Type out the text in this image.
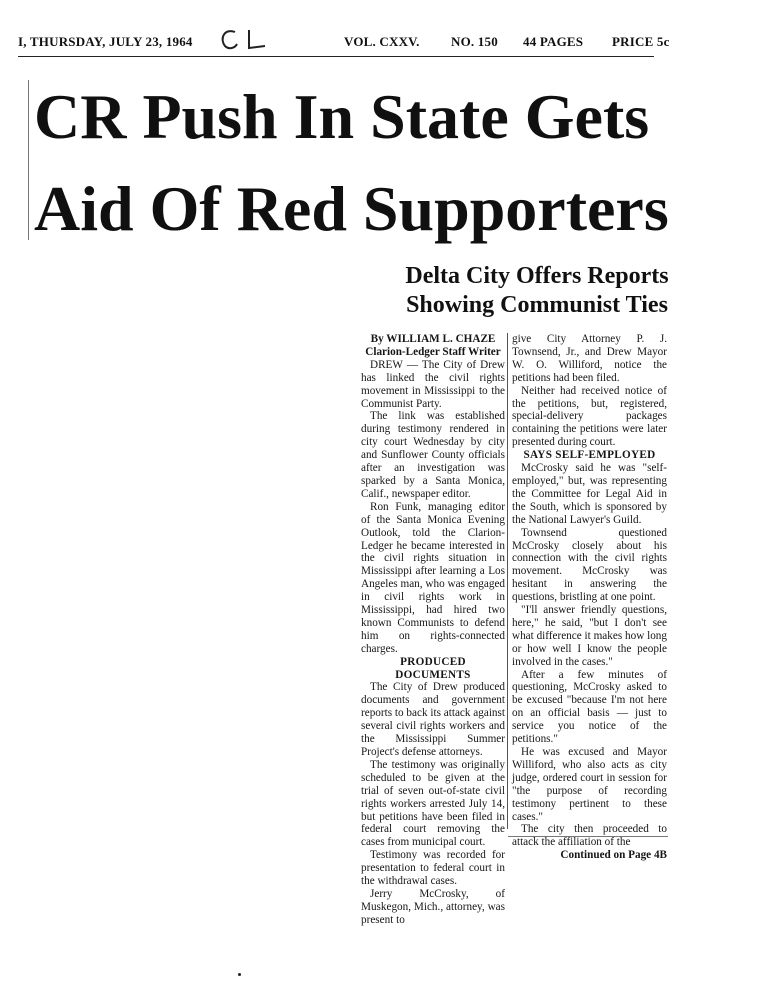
I, THURSDAY, JULY 23, 1964	VOL. CXXV. NO. 150 44 PAGES PRICE 5c
CR Push In State Gets
Aid Of Red Supporters
Delta City Offers Reports
Showing Communist Ties

By WILLIAM L. CHAZE

Clarion-Ledger Staff Writer

DREW — The City of Drew has linked the civil rights movement in Mississippi to the Communist Party.

The link was established during testimony rendered in city court Wednesday by city and Sunflower County officials after an investigation was sparked by a Santa Monica, Calif., newspaper editor.

Ron Funk, managing editor of the Santa Monica Evening Outlook, told the Clarion-Ledger he became interested in the civil rights situation in Mississippi after learning a Los Angeles man, who was engaged in civil rights work in Mississippi, had hired two known Communists to defend him on rights-connected charges.

PRODUCED DOCUMENTS

The City of Drew produced documents and government reports to back its attack against several civil rights workers and the Mississippi Summer Project's defense attorneys.

The testimony was originally scheduled to be given at the trial of seven out-of-state civil rights workers arrested July 14, but petitions have been filed in federal court removing the cases from municipal court.

Testimony was recorded for presentation to federal court in the withdrawal cases.

Jerry McCrosky, of Muskegon, Mich., attorney, was present to

give City Attorney P. J. Townsend, Jr., and Drew Mayor W. O. Williford, notice the petitions had been filed.

Neither had received notice of the petitions, but, registered, special-delivery packages containing the petitions were later presented during court.

SAYS SELF-EMPLOYED

McCrosky said he was "self-employed," but, was representing the Committee for Legal Aid in the South, which is sponsored by the National Lawyer's Guild.

Townsend questioned McCrosky closely about his connection with the civil rights movement. McCrosky was hesitant in answering the questions, bristling at one point.

"I'll answer friendly questions, here," he said, "but I don't see what difference it makes how long or how well I know the people involved in the cases."

After a few minutes of questioning, McCrosky asked to be excused "because I'm not here on an official basis — just to service you notice of the petitions."

He was excused and Mayor Williford, who also acts as city judge, ordered court in session for "the purpose of recording testimony pertinent to these cases."

The city then proceeded to attack the affiliation of the

Continued on Page 4B
